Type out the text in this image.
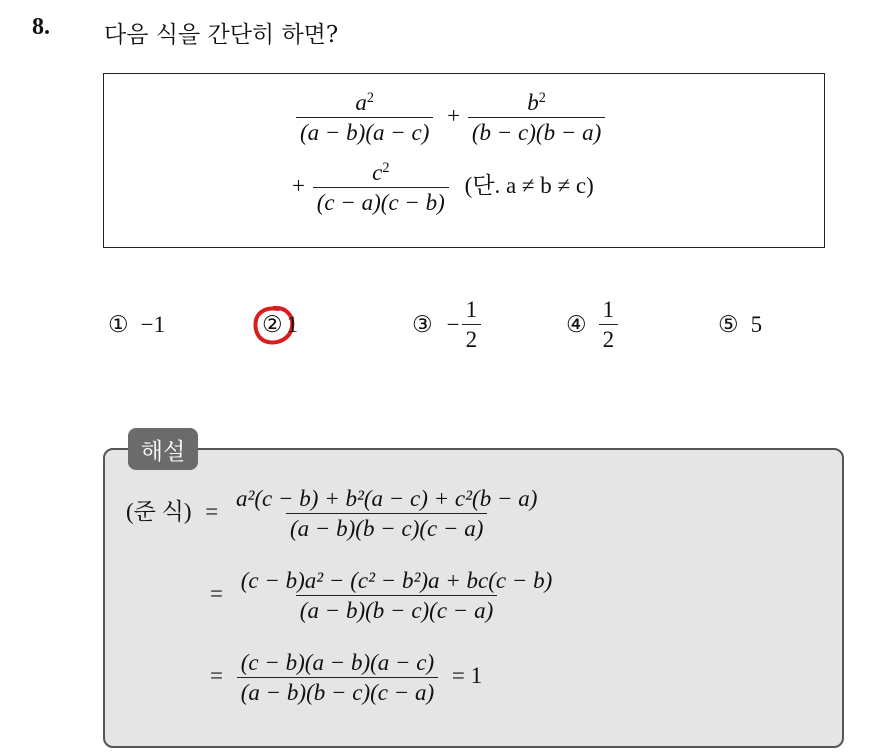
8. 다음 식을 간단히 하면?
$\frac{a^2}{(a - b)(a - c)} + \frac{b^2}{(b - c)(b - a)}$
+ $\frac{c^2}{(c - a)(c - b)}$ (단. a ≠ b ≠ c)
① −1	② 1	③ − $\frac{1}{2}$	④ $\frac{1}{2}$	⑤ 5
해설
(준 식) = $\frac{\text{a²(c − b) + b²(a − c) + c²(b − a)}}{(a - b)(b - c)(c - a)}$
= $\frac{\text{(c − b)a² − (c² − b²)a + bc(c − b)}}{(a - b)(b - c)(c - a)}$
= $\frac{(c - b)(a - b)(a - c)}{(a - b)(b - c)(c - a)} = 1$
